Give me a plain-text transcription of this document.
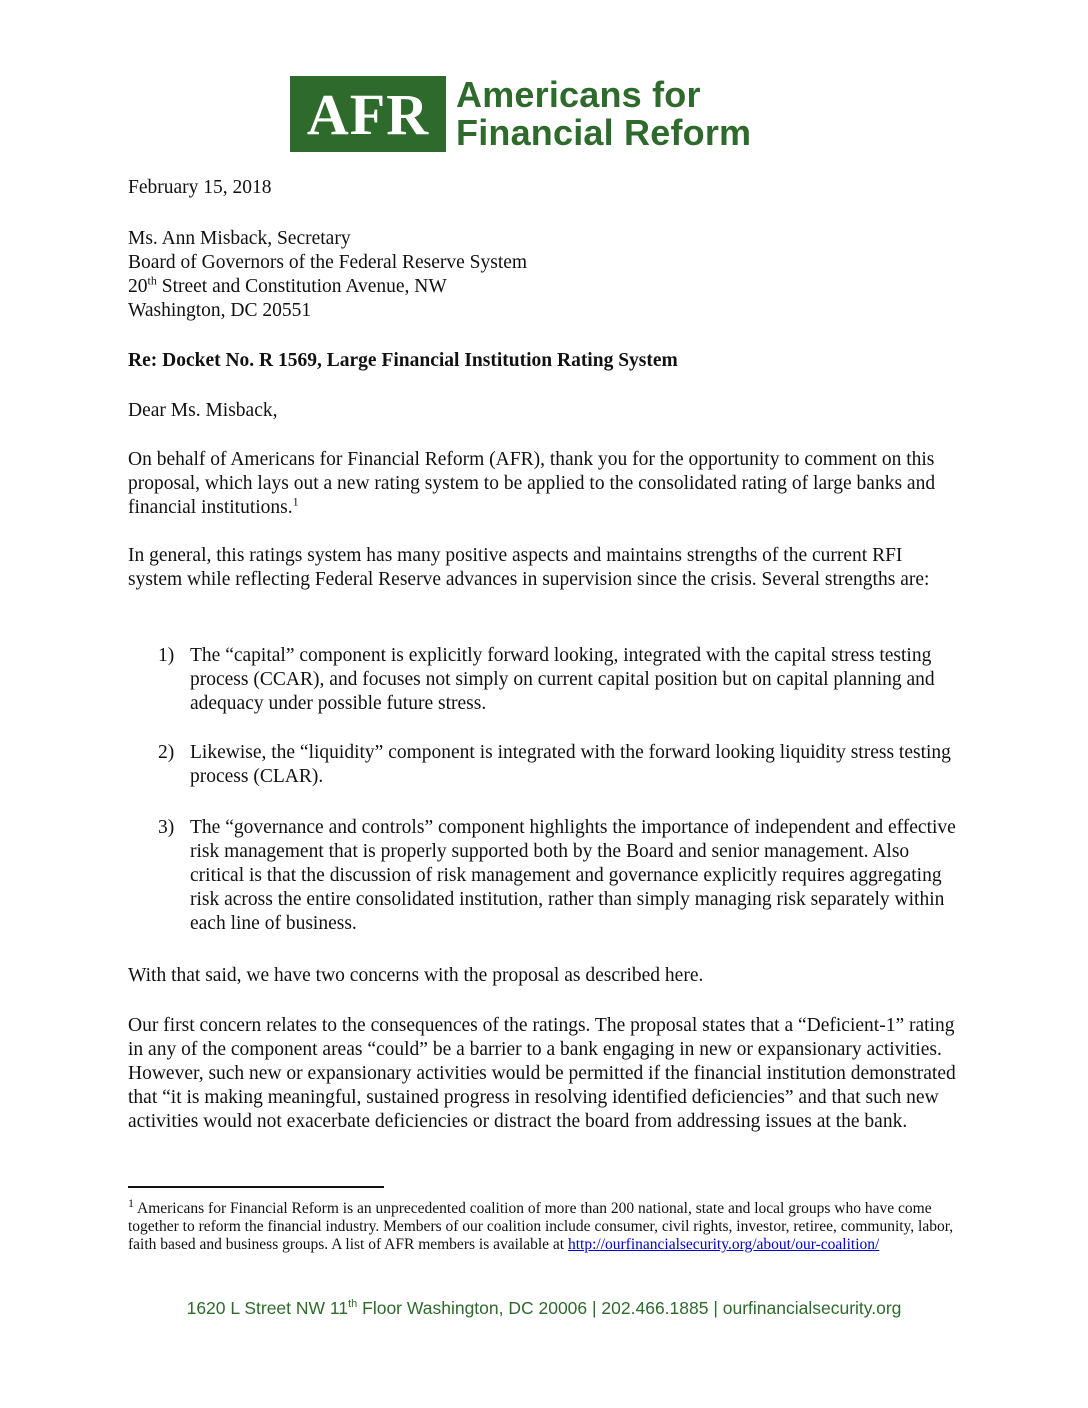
AFR Americans for
Financial Reform
February 15, 2018
Ms. Ann Misback, Secretary
Board of Governors of the Federal Reserve System
20th Street and Constitution Avenue, NW
Washington, DC 20551
Re: Docket No. R 1569, Large Financial Institution Rating System
Dear Ms. Misback,
On behalf of Americans for Financial Reform (AFR), thank you for the opportunity to comment on this proposal, which lays out a new rating system to be applied to the consolidated rating of large banks and financial institutions.$^1$
In general, this ratings system has many positive aspects and maintains strengths of the current RFI system while reflecting Federal Reserve advances in supervision since the crisis. Several strengths are:
1) The “capital” component is explicitly forward looking, integrated with the capital stress testing process (CCAR), and focuses not simply on current capital position but on capital planning and adequacy under possible future stress.
2) Likewise, the “liquidity” component is integrated with the forward looking liquidity stress testing process (CLAR).
3) The “governance and controls” component highlights the importance of independent and effective risk management that is properly supported both by the Board and senior management. Also critical is that the discussion of risk management and governance explicitly requires aggregating risk across the entire consolidated institution, rather than simply managing risk separately within each line of business.
With that said, we have two concerns with the proposal as described here.
Our first concern relates to the consequences of the ratings. The proposal states that a “Deficient-1” rating in any of the component areas “could” be a barrier to a bank engaging in new or expansionary activities. However, such new or expansionary activities would be permitted if the financial institution demonstrated that “it is making meaningful, sustained progress in resolving identified deficiencies” and that such new activities would not exacerbate deficiencies or distract the board from addressing issues at the bank.
$^1$ Americans for Financial Reform is an unprecedented coalition of more than 200 national, state and local groups who have come together to reform the financial industry. Members of our coalition include consumer, civil rights, investor, retiree, community, labor, faith based and business groups. A list of AFR members is available at http://ourfinancialsecurity.org/about/our-coalition/
1620 L Street NW 11th Floor Washington, DC 20006 | 202.466.1885 | ourfinancialsecurity.org
